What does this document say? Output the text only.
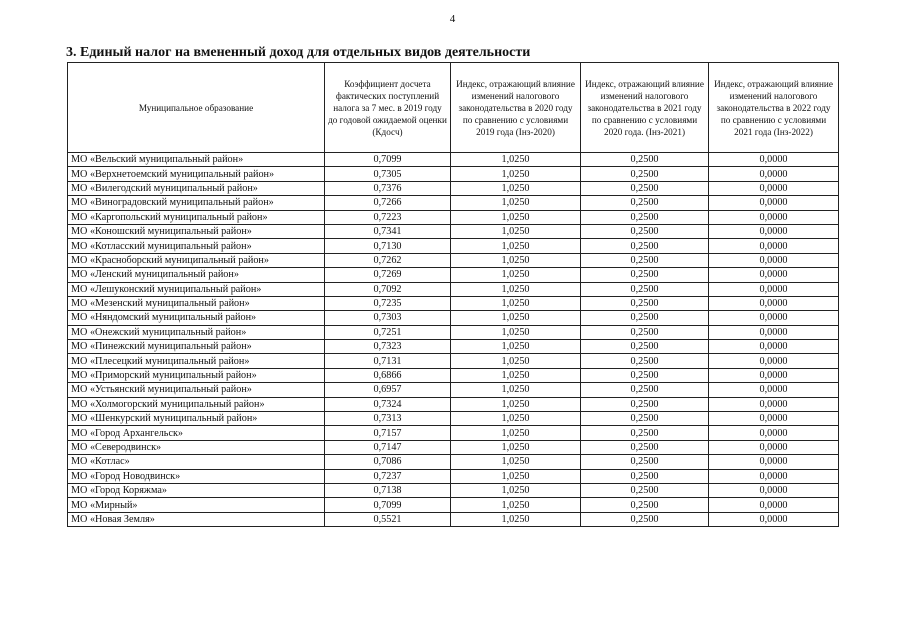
4
3. Единый налог на вмененный доход для отдельных видов деятельности
Муниципальное образование	Коэффициент досчета фактических поступлений налога за 7 мес. в 2019 году до годовой ожидаемой оценки (Кдосч)	Индекс, отражающий влияние изменений налогового законодательства в 2020 году по сравнению с условиями 2019 года (Iнз-2020)	Индекс, отражающий влияние изменений налогового законодательства в 2021 году по сравнению с условиями 2020 года. (Iнз-2021)	Индекс, отражающий влияние изменений налогового законодательства в 2022 году по сравнению с условиями 2021 года (Iнз-2022)
МО «Вельский муниципальный район»	0,7099	1,0250	0,2500	0,0000
МО «Верхнетоемский муниципальный район»	0,7305	1,0250	0,2500	0,0000
МО «Вилегодский муниципальный район»	0,7376	1,0250	0,2500	0,0000
МО «Виноградовский муниципальный район»	0,7266	1,0250	0,2500	0,0000
МО «Каргопольский муниципальный район»	0,7223	1,0250	0,2500	0,0000
МО «Коношский муниципальный район»	0,7341	1,0250	0,2500	0,0000
МО «Котласский муниципальный район»	0,7130	1,0250	0,2500	0,0000
МО «Красноборский муниципальный район»	0,7262	1,0250	0,2500	0,0000
МО «Ленский муниципальный район»	0,7269	1,0250	0,2500	0,0000
МО «Лешуконский муниципальный район»	0,7092	1,0250	0,2500	0,0000
МО «Мезенский муниципальный район»	0,7235	1,0250	0,2500	0,0000
МО «Няндомский муниципальный район»	0,7303	1,0250	0,2500	0,0000
МО «Онежский муниципальный район»	0,7251	1,0250	0,2500	0,0000
МО «Пинежский муниципальный район»	0,7323	1,0250	0,2500	0,0000
МО «Плесецкий муниципальный район»	0,7131	1,0250	0,2500	0,0000
МО «Приморский муниципальный район»	0,6866	1,0250	0,2500	0,0000
МО «Устьянский муниципальный район»	0,6957	1,0250	0,2500	0,0000
МО «Холмогорский муниципальный район»	0,7324	1,0250	0,2500	0,0000
МО «Шенкурский муниципальный район»	0,7313	1,0250	0,2500	0,0000
МО «Город Архангельск»	0,7157	1,0250	0,2500	0,0000
МО «Северодвинск»	0,7147	1,0250	0,2500	0,0000
МО «Котлас»	0,7086	1,0250	0,2500	0,0000
МО «Город Новодвинск»	0,7237	1,0250	0,2500	0,0000
МО «Город Коряжма»	0,7138	1,0250	0,2500	0,0000
МО «Мирный»	0,7099	1,0250	0,2500	0,0000
МО «Новая Земля»	0,5521	1,0250	0,2500	0,0000
